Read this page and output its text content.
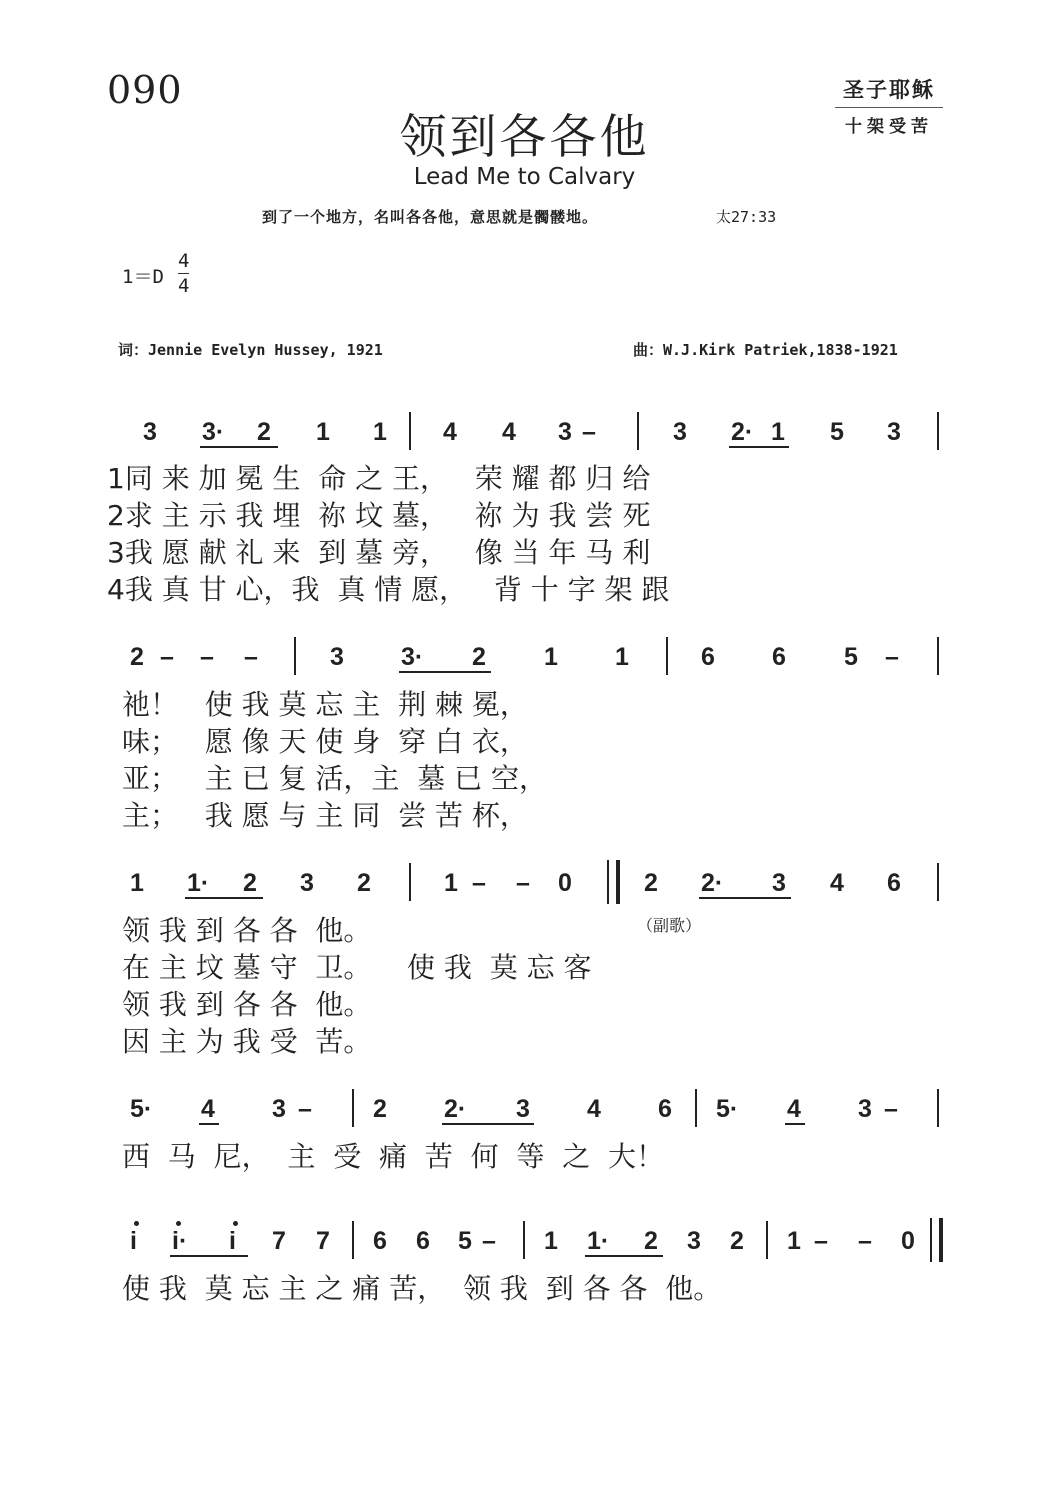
090	圣子耶稣
十架受苦
领到各各他
Lead Me to Calvary
到了一个地方，名叫各各他，意思就是髑髅地。	太27:33
$1=D \frac{4}{4}$
词：Jennie Evelyn Hussey, 1921	曲：W.J.Kirk Patriek,1838-1921
3 3· 2 1 1 4 4 3 –	3 2· 1 5 3
1同 来 加 冕 生  命 之 王，   荣 耀 都 归 给
2求 主 示 我 埋  祢 坟 墓，   祢 为 我 尝 死
3我 愿 献 礼 来  到 墓 旁，   像 当 年 马 利
4我 真 甘 心，我  真 情 愿，   背 十 字 架 跟
2 – – –	3 3· 2 1 1	6 6 5 –
祂！   使 我 莫 忘 主  荆 棘 冕，
味；   愿 像 天 使 身  穿 白 衣，
亚；   主 已 复 活，主  墓 已 空，
主；   我 愿 与 主 同  尝 苦 杯，
1 1· 2 3 2	1 – – 0	2 2· 3 4 6
（副歌）
领 我 到 各 各  他。
在 主 坟 墓 守  卫。    使 我  莫 忘 客
领 我 到 各 各  他。
因 主 为 我 受  苦。
5· 4 3 – 2 2· 3 4 6 5· 4 3 –
西  马  尼，  主  受  痛  苦  何  等  之  大！
i i· i 7 7 6 6 5 – 1 1· 2 3 2 1 – – 0
使 我  莫 忘 主 之 痛 苦，  领 我  到 各 各  他。
